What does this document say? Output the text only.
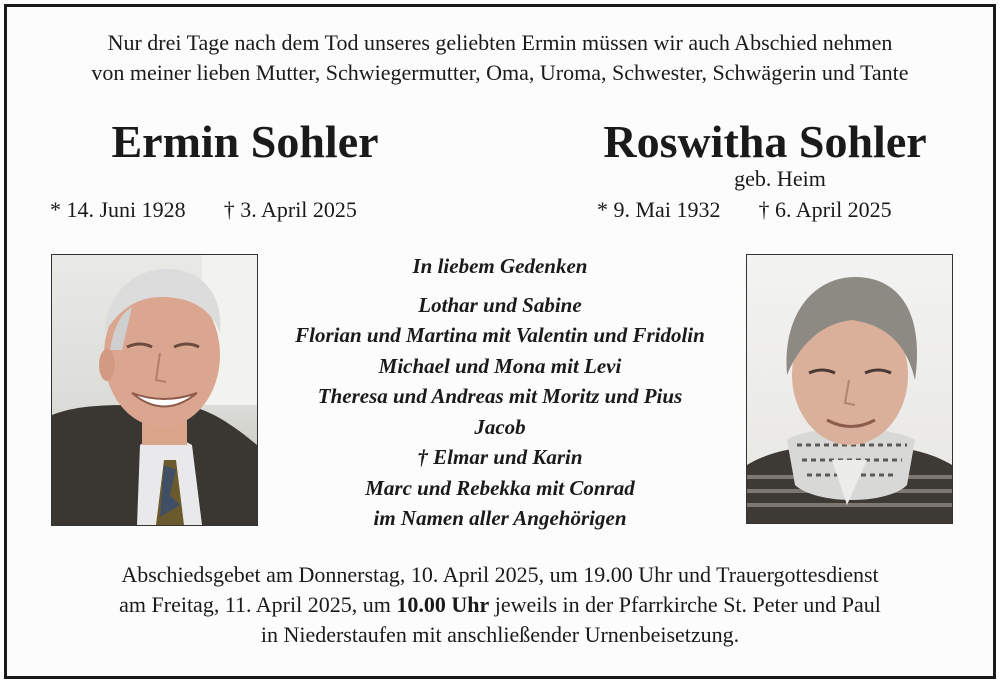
Nur drei Tage nach dem Tod unseres geliebten Ermin müssen wir auch Abschied nehmen
von meiner lieben Mutter, Schwiegermutter, Oma, Uroma, Schwester, Schwägerin und Tante
Ermin Sohler	Roswitha Sohler
geb. Heim
* 14. Juni 1928 † 3. April 2025	* 9. Mai 1932 † 6. April 2025
In liebem Gedenken
Lothar und Sabine
Florian und Martina mit Valentin und Fridolin
Michael und Mona mit Levi
Theresa und Andreas mit Moritz und Pius
Jacob
† Elmar und Karin
Marc und Rebekka mit Conrad
im Namen aller Angehörigen
Abschiedsgebet am Donnerstag, 10. April 2025, um 19.00 Uhr und Trauergottesdienst
am Freitag, 11. April 2025, um 10.00 Uhr jeweils in der Pfarrkirche St. Peter und Paul
in Niederstaufen mit anschließender Urnenbeisetzung.
